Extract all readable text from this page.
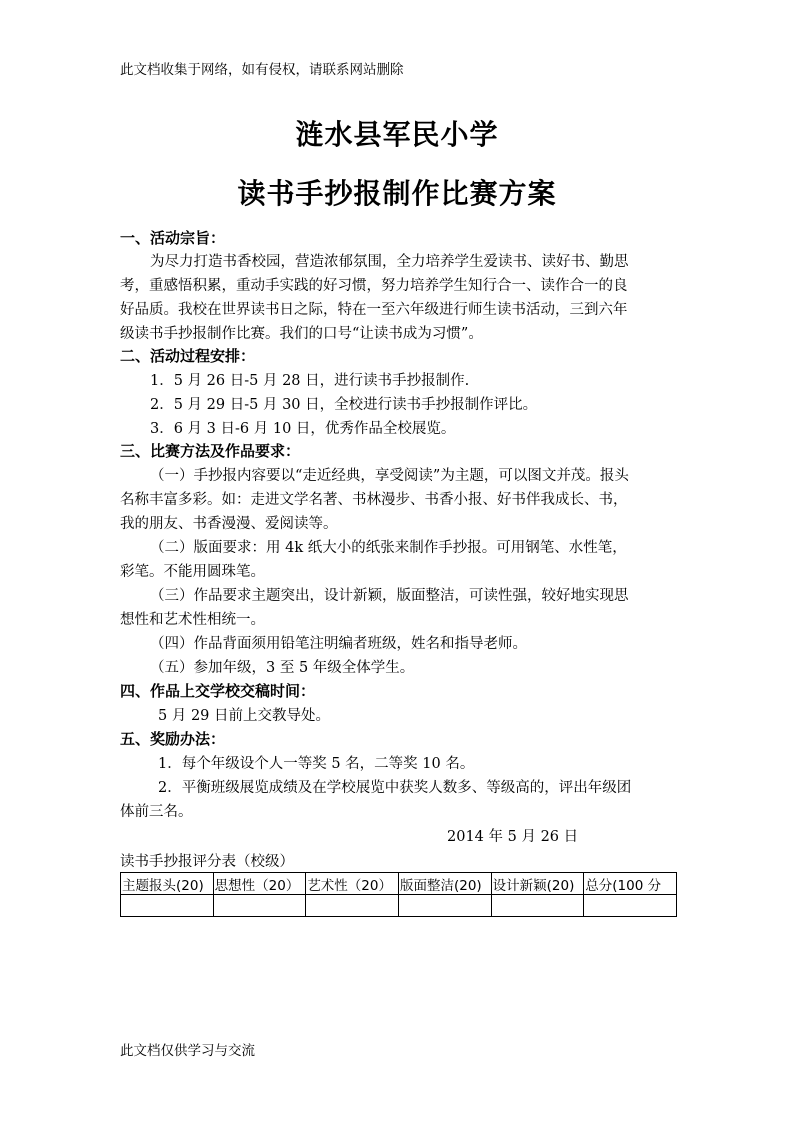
此文档收集于网络，如有侵权，请联系网站删除
涟水县军民小学
读书手抄报制作比赛方案
一、活动宗旨：
为尽力打造书香校园，营造浓郁氛围，全力培养学生爱读书、读好书、勤思
考，重感悟积累，重动手实践的好习惯，努力培养学生知行合一、读作合一的良
好品质。我校在世界读书日之际，特在一至六年级进行师生读书活动，三到六年
级读书手抄报制作比赛。我们的口号“让读书成为习惯”。
二、活动过程安排：
1．5 月 26 日-5 月 28 日，进行读书手抄报制作.
2．5 月 29 日-5 月 30 日，全校进行读书手抄报制作评比。
3．6 月 3 日-6 月 10 日，优秀作品全校展览。
三、比赛方法及作品要求：
（一）手抄报内容要以“走近经典，享受阅读”为主题，可以图文并茂。报头
名称丰富多彩。如：走进文学名著、书林漫步、书香小报、好书伴我成长、书，
我的朋友、书香漫漫、爱阅读等。
（二）版面要求：用 4k 纸大小的纸张来制作手抄报。可用钢笔、水性笔，
彩笔。不能用圆珠笔。
（三）作品要求主题突出，设计新颖，版面整洁，可读性强，较好地实现思
想性和艺术性相统一。
（四）作品背面须用铅笔注明编者班级，姓名和指导老师。
（五）参加年级，3 至 5 年级全体学生。
四、作品上交学校交稿时间：
5 月 29 日前上交教导处。
五、奖励办法：
1．每个年级设个人一等奖 5 名，二等奖 10 名。
2．平衡班级展览成绩及在学校展览中获奖人数多、等级高的，评出年级团
体前三名。
2014 年 5 月 26 日
读书手抄报评分表（校级）
主题报头(20)	思想性（20）	艺术性（20）	版面整洁(20)	设计新颖(20)	总分(100 分

此文档仅供学习与交流
